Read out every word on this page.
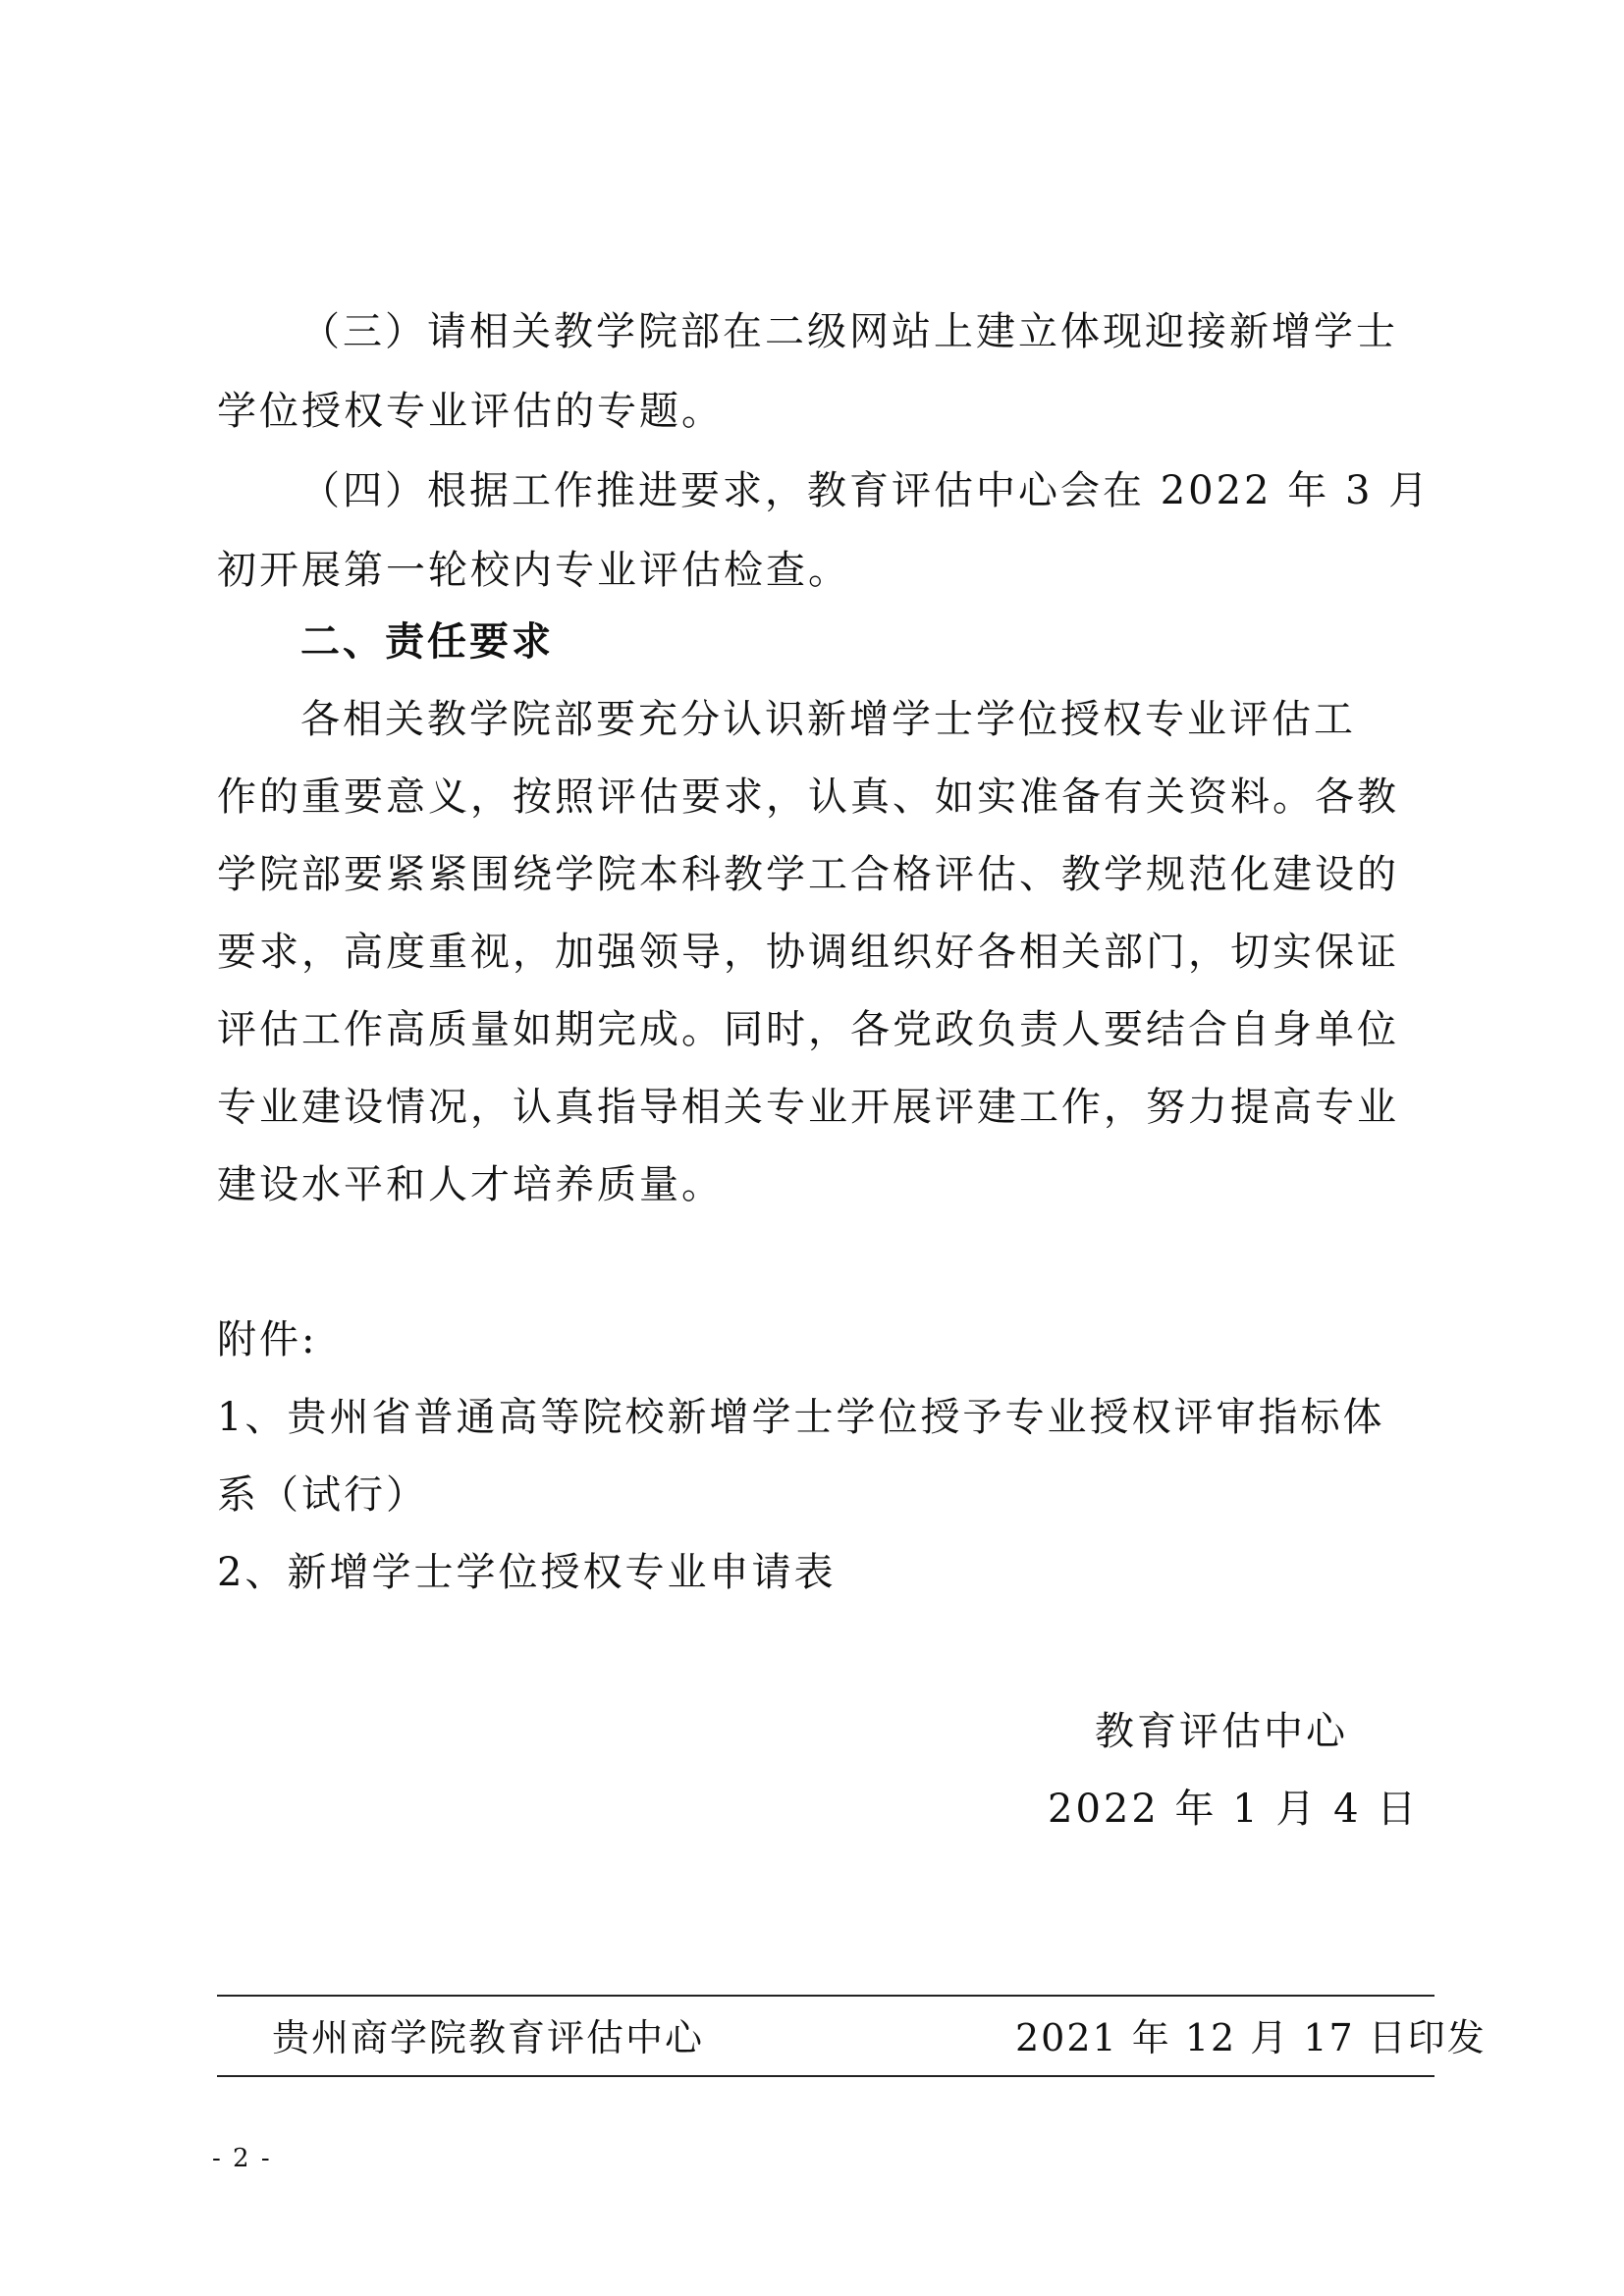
（三）请相关教学院部在二级网站上建立体现迎接新增学士
学位授权专业评估的专题。
（四）根据工作推进要求，教育评估中心会在 2022 年 3 月
初开展第一轮校内专业评估检查。
二、责任要求
各相关教学院部要充分认识新增学士学位授权专业评估工
作的重要意义，按照评估要求，认真、如实准备有关资料。各教
学院部要紧紧围绕学院本科教学工合格评估、教学规范化建设的
要求，高度重视，加强领导，协调组织好各相关部门，切实保证
评估工作高质量如期完成。同时，各党政负责人要结合自身单位
专业建设情况，认真指导相关专业开展评建工作，努力提高专业
建设水平和人才培养质量。
附件:
1、贵州省普通高等院校新增学士学位授予专业授权评审指标体
系（试行）
2、新增学士学位授权专业申请表
教育评估中心
2022 年 1 月 4 日
贵州商学院教育评估中心	2021 年 12 月 17 日印发
- 2 -
